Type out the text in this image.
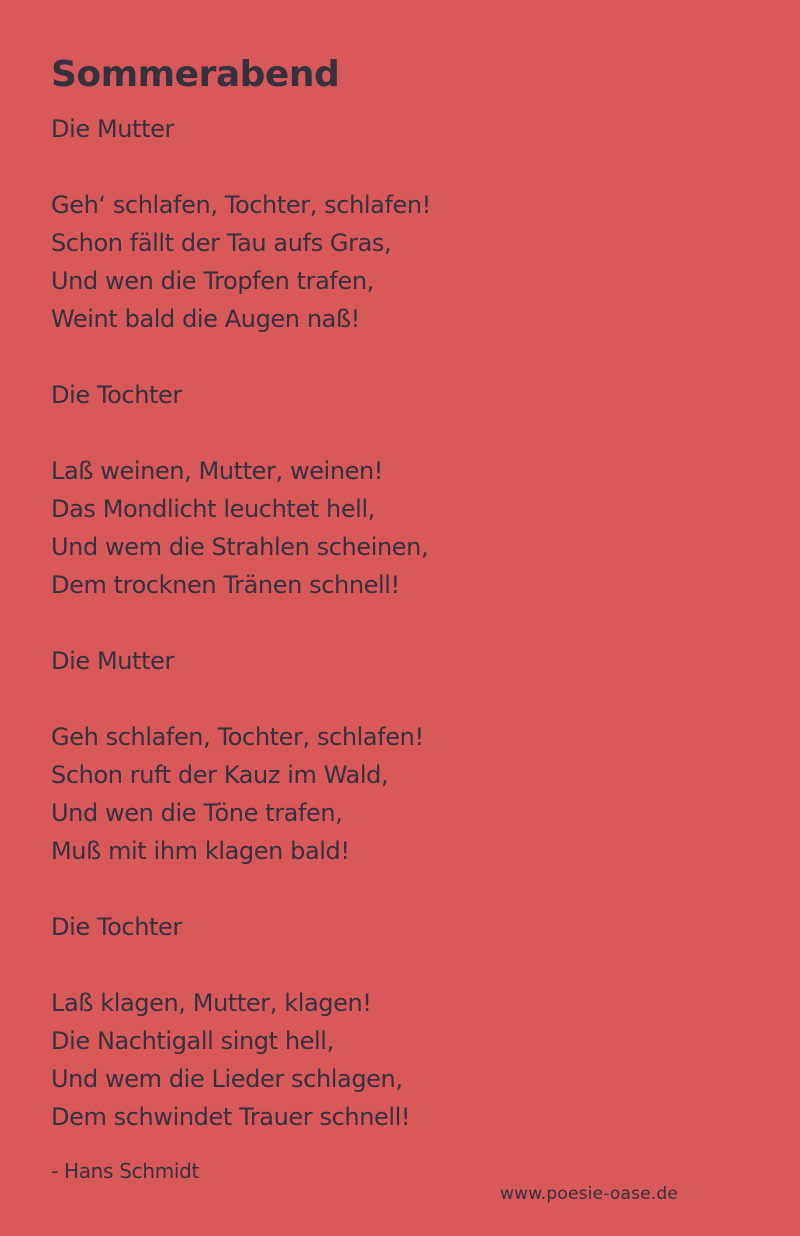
Sommerabend
Die Mutter
Geh‘ schlafen, Tochter, schlafen!
Schon fällt der Tau aufs Gras,
Und wen die Tropfen trafen,
Weint bald die Augen naß!
Die Tochter
Laß weinen, Mutter, weinen!
Das Mondlicht leuchtet hell,
Und wem die Strahlen scheinen,
Dem trocknen Tränen schnell!
Die Mutter
Geh schlafen, Tochter, schlafen!
Schon ruft der Kauz im Wald,
Und wen die Töne trafen,
Muß mit ihm klagen bald!
Die Tochter
Laß klagen, Mutter, klagen!
Die Nachtigall singt hell,
Und wem die Lieder schlagen,
Dem schwindet Trauer schnell!
- Hans Schmidt
www.poesie-oase.de
